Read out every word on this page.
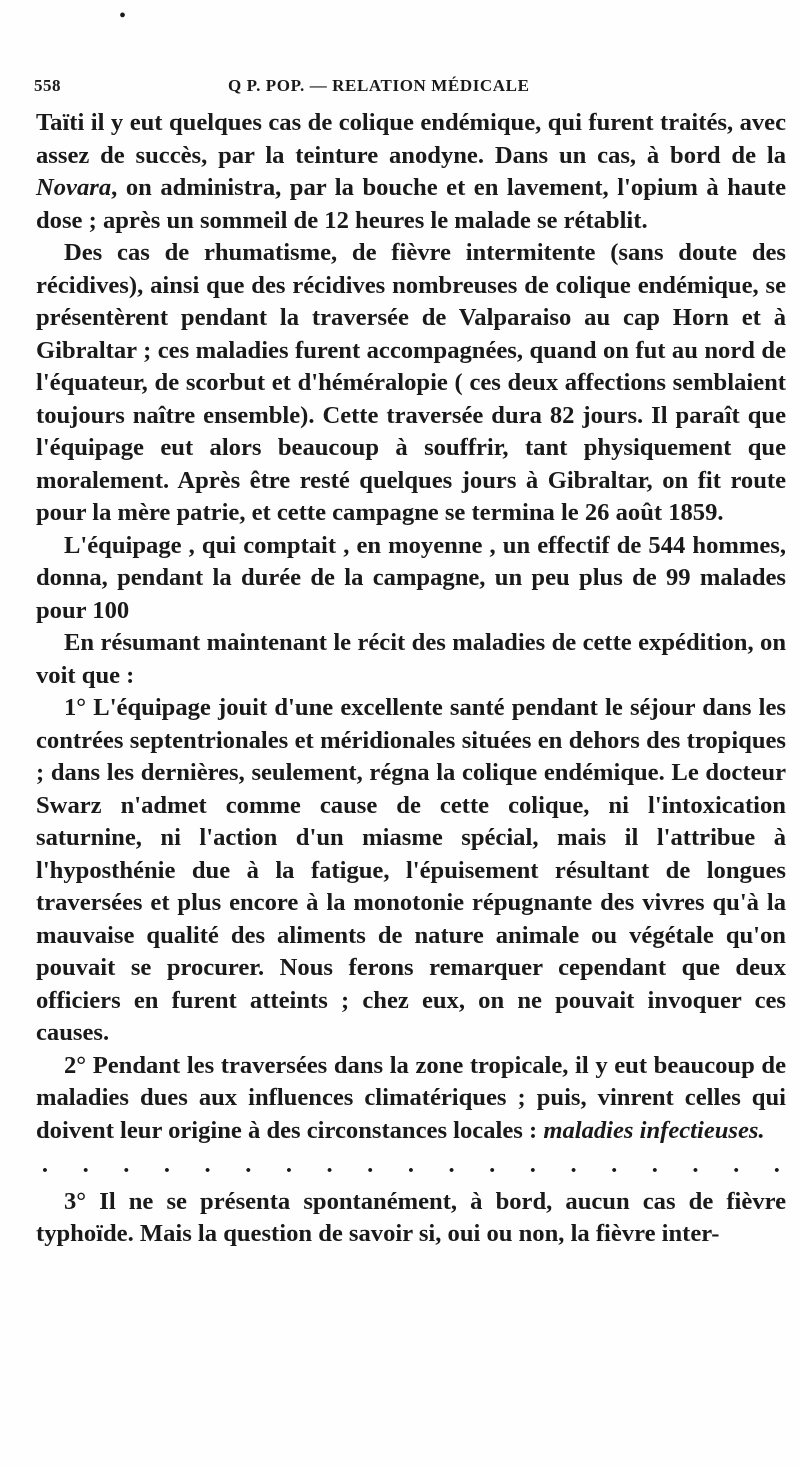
•
558	Q P. POP. — RELATION MÉDICALE

Taïti il y eut quelques cas de colique endémique, qui furent traités, avec assez de succès, par la teinture anodyne. Dans un cas, à bord de la Novara, on administra, par la bouche et en lavement, l'opium à haute dose ; après un sommeil de 12 heures le malade se rétablit.

Des cas de rhumatisme, de fièvre intermitente (sans doute des récidives), ainsi que des récidives nombreuses de colique endémique, se présentèrent pendant la traversée de Valparaiso au cap Horn et à Gibraltar ; ces maladies furent accompagnées, quand on fut au nord de l'équateur, de scorbut et d'héméralopie ( ces deux affections semblaient toujours naître ensemble). Cette traversée dura 82 jours. Il paraît que l'équipage eut alors beaucoup à souffrir, tant physiquement que moralement. Après être resté quelques jours à Gibraltar, on fit route pour la mère patrie, et cette campagne se termina le 26 août 1859.

L'équipage , qui comptait , en moyenne , un effectif de 544 hommes, donna, pendant la durée de la campagne, un peu plus de 99 malades pour 100

En résumant maintenant le récit des maladies de cette expédition, on voit que :

1° L'équipage jouit d'une excellente santé pendant le séjour dans les contrées septentrionales et méridionales situées en dehors des tropiques ; dans les dernières, seulement, régna la colique endémique. Le docteur Swarz n'admet comme cause de cette colique, ni l'intoxication saturnine, ni l'action d'un miasme spécial, mais il l'attribue à l'hyposthénie due à la fatigue, l'épuisement résultant de longues traversées et plus encore à la monotonie répugnante des vivres qu'à la mauvaise qualité des aliments de nature animale ou végétale qu'on pouvait se procurer. Nous ferons remarquer cependant que deux officiers en furent atteints ; chez eux, on ne pouvait invoquer ces causes.

2° Pendant les traversées dans la zone tropicale, il y eut beaucoup de maladies dues aux influences climatériques ; puis, vinrent celles qui doivent leur origine à des circonstances locales : maladies infectieuses.

. . . . . . . . . . . . . . . . . . .

3° Il ne se présenta spontanément, à bord, aucun cas de fièvre typhoïde. Mais la question de savoir si, oui ou non, la fièvre inter-
